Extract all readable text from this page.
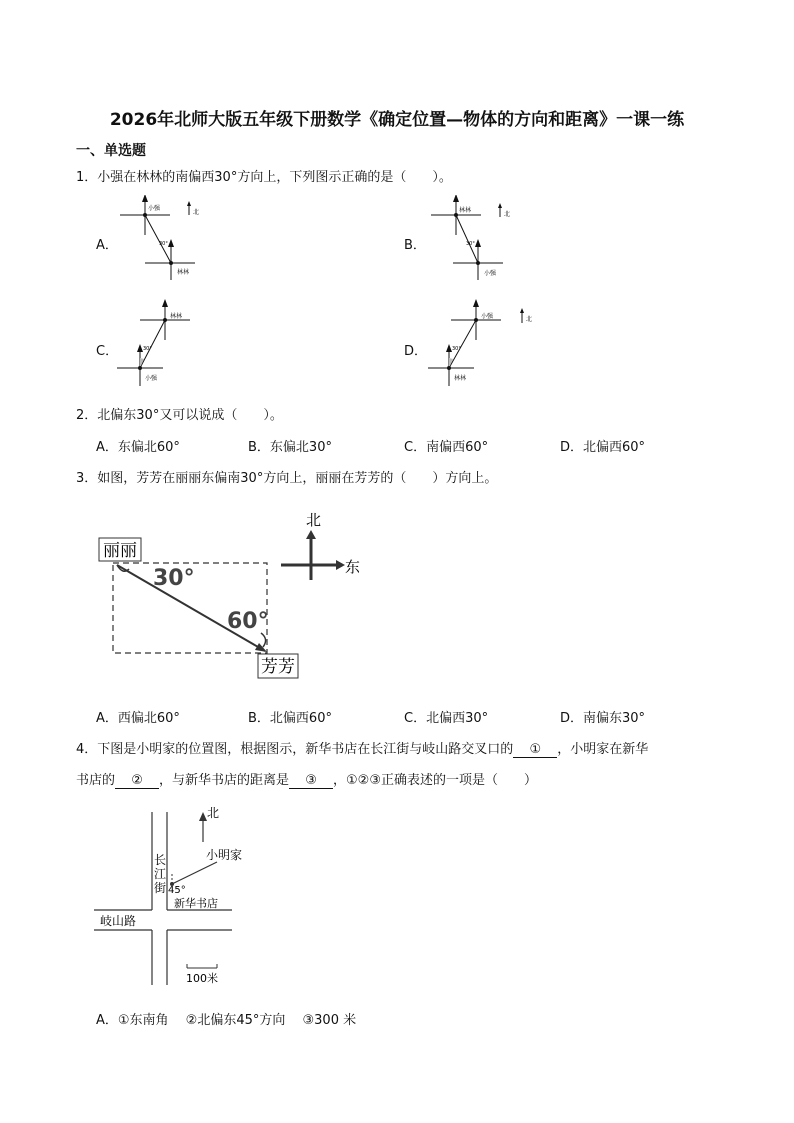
2026年北师大版五年级下册数学《确定位置—物体的方向和距离》一课一练
一、单选题
1．小强在林林的南偏西30°方向上，下列图示正确的是（　　）。
A．	B．
C．	D．
北
小强
30°
林林
北
林林
30°
小强
林林
30°
小强
北
小强
30°
林林
2．北偏东30°又可以说成（　　）。
A．东偏北60°	B．东偏北30°	C．南偏西60°	D．北偏西60°
3．如图，芳芳在丽丽东偏南30°方向上，丽丽在芳芳的（　　）方向上。
丽丽
芳芳
30°
60°
北
东
A．西偏北60°	B．北偏西60°	C．北偏西30°	D．南偏东30°
4．下图是小明家的位置图，根据图示，新华书店在长江街与岐山路交叉口的 ① ，小明家在新华
书店的 ② ，与新华书店的距离是 ③ ，①②③正确表述的一项是（　　）
北
小明家
长
江
街 45°
新华书店
岐山路
100米
A．①东南角　 ②北偏东45°方向　 ③300 米
